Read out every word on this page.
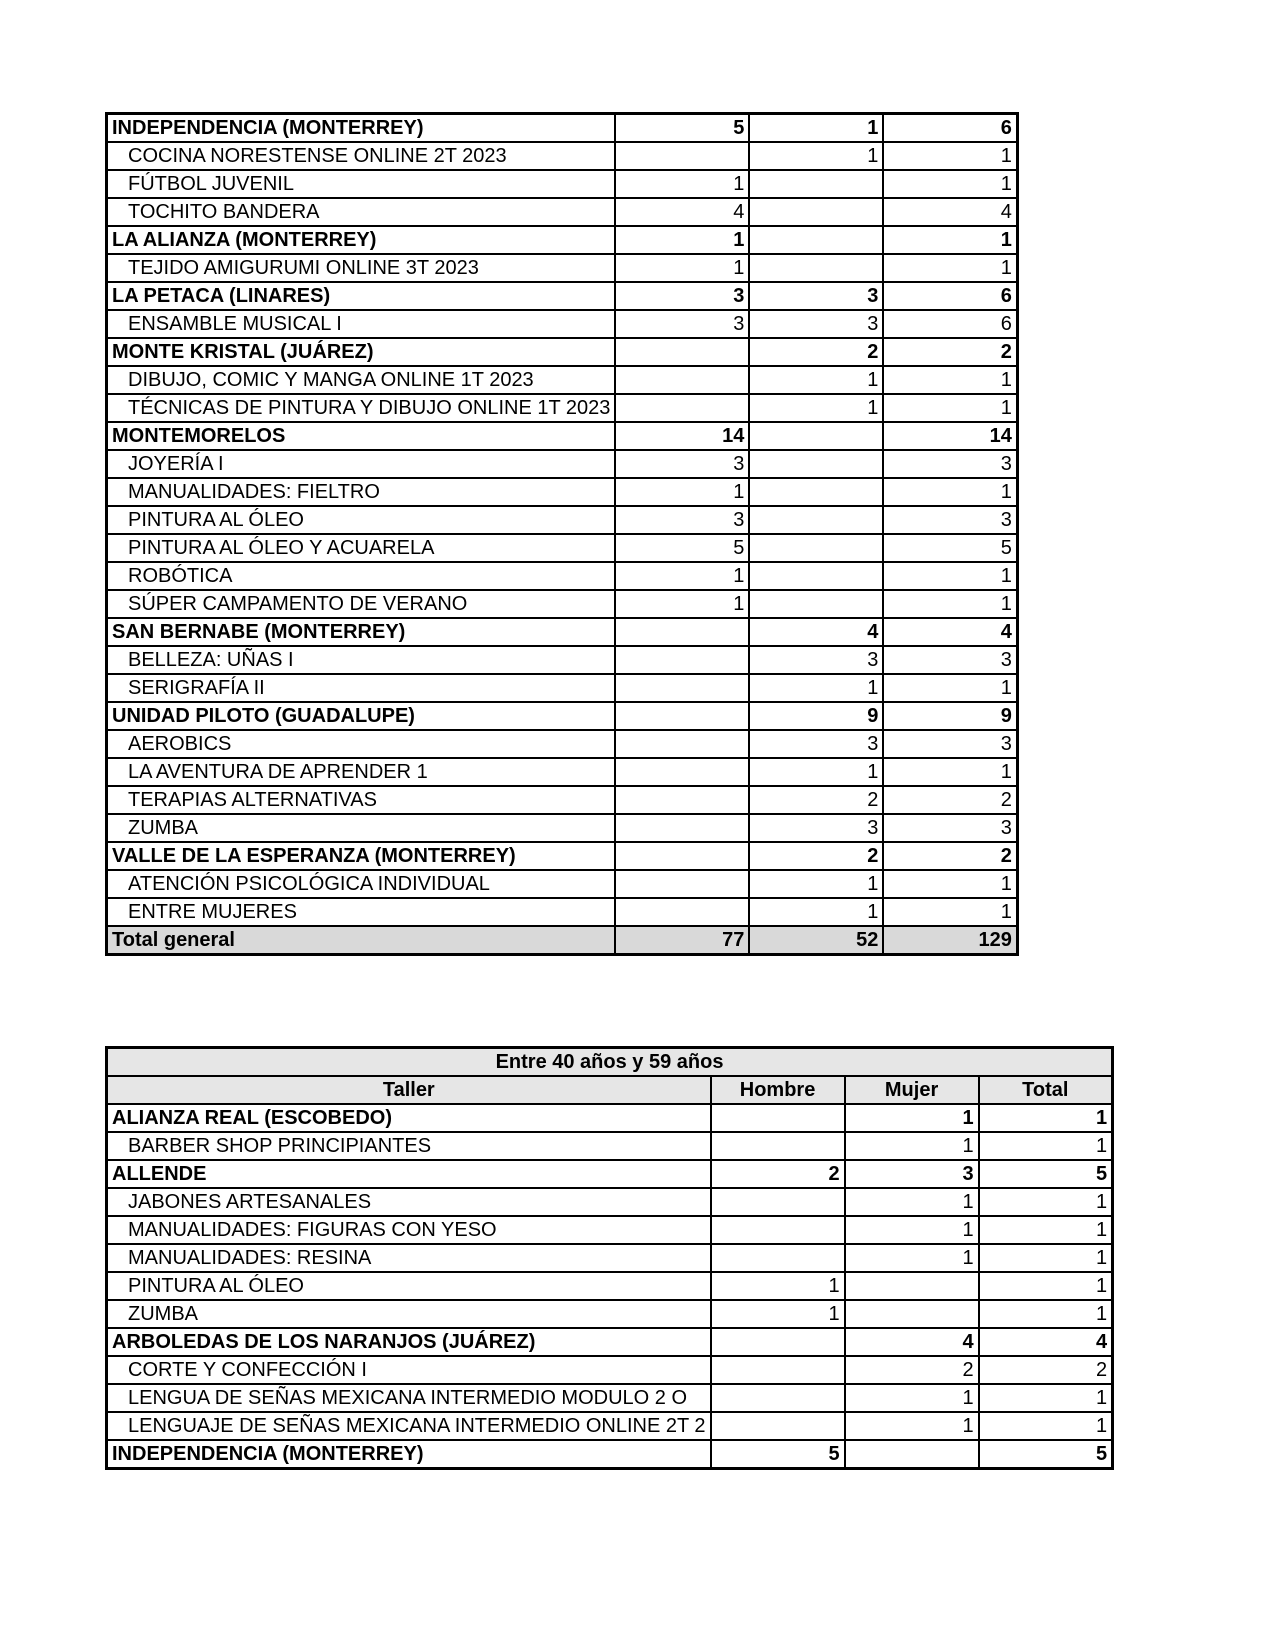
INDEPENDENCIA (MONTERREY)	5	1	6
COCINA NORESTENSE ONLINE 2T 2023		1	1
FÚTBOL JUVENIL	1		1
TOCHITO BANDERA	4		4
LA ALIANZA (MONTERREY)	1		1
TEJIDO AMIGURUMI ONLINE 3T 2023	1		1
LA PETACA (LINARES)	3	3	6
ENSAMBLE MUSICAL I	3	3	6
MONTE KRISTAL (JUÁREZ)		2	2
DIBUJO, COMIC Y MANGA ONLINE 1T 2023		1	1
TÉCNICAS DE PINTURA Y DIBUJO ONLINE 1T 2023		1	1
MONTEMORELOS	14		14
JOYERÍA I	3		3
MANUALIDADES: FIELTRO	1		1
PINTURA AL ÓLEO	3		3
PINTURA AL ÓLEO Y ACUARELA	5		5
ROBÓTICA	1		1
SÚPER CAMPAMENTO DE VERANO	1		1
SAN BERNABE (MONTERREY)		4	4
BELLEZA: UÑAS I		3	3
SERIGRAFÍA II		1	1
UNIDAD PILOTO (GUADALUPE)		9	9
AEROBICS		3	3
LA AVENTURA DE APRENDER 1		1	1
TERAPIAS ALTERNATIVAS		2	2
ZUMBA		3	3
VALLE DE LA ESPERANZA (MONTERREY)		2	2
ATENCIÓN PSICOLÓGICA INDIVIDUAL		1	1
ENTRE MUJERES		1	1
Total general	77	52	129
Entre 40 años y 59 años			
Taller	Hombre	Mujer	Total
ALIANZA REAL (ESCOBEDO)		1	1
BARBER SHOP PRINCIPIANTES		1	1
ALLENDE	2	3	5
JABONES ARTESANALES		1	1
MANUALIDADES: FIGURAS CON YESO		1	1
MANUALIDADES: RESINA		1	1
PINTURA AL ÓLEO	1		1
ZUMBA	1		1
ARBOLEDAS DE LOS NARANJOS (JUÁREZ)		4	4
CORTE Y CONFECCIÓN I		2	2
LENGUA DE SEÑAS MEXICANA INTERMEDIO MODULO 2 O		1	1
LENGUAJE DE SEÑAS MEXICANA INTERMEDIO ONLINE 2T 2		1	1
INDEPENDENCIA (MONTERREY)	5		5
